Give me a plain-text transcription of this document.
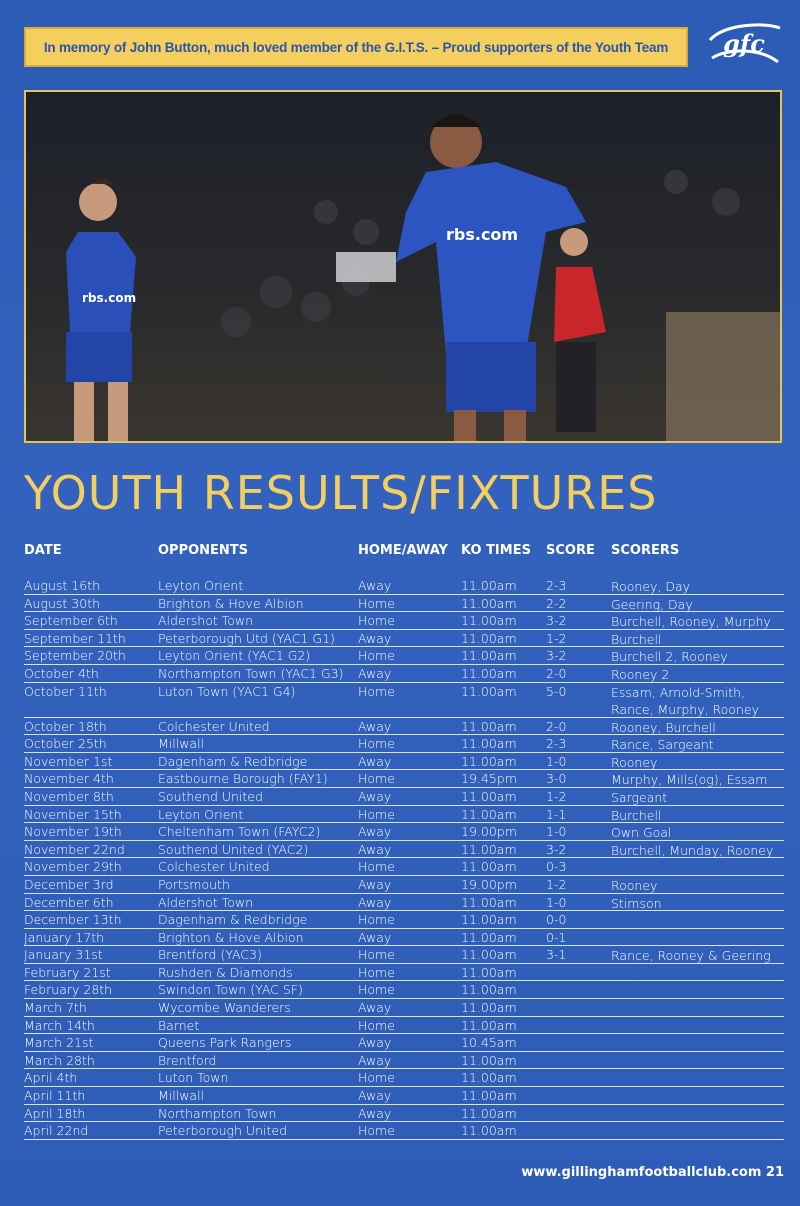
In memory of John Button, much loved member of the G.I.T.S. – Proud supporters of the Youth Team gfc
rbs.com
rbs.com
YOUTH RESULTS/FIXTURES
DATE	OPPONENTS	HOME/AWAY KO TIMES SCORE SCORERS
August 16th	Leyton Orient	Away	11.00am 2-3	Rooney, Day
August 30th	Brighton & Hove Albion	Home	11.00am 2-2	Geering, Day
September 6th	Aldershot Town	Home	11.00am 3-2	Burchell, Rooney, Murphy
September 11th	Peterborough Utd (YAC1 G1) Away	11.00am 1-2	Burchell
September 20th	Leyton Orient (YAC1 G2)	Home	11.00am 3-2	Burchell 2, Rooney
October 4th	Northampton Town (YAC1 G3) Away	11.00am 2-0	Rooney 2
October 11th	Luton Town (YAC1 G4)	Home	11.00am 5-0	Essam, Arnold-Smith, Rance, Murphy, Rooney
October 18th	Colchester United	Away	11.00am 2-0	Rooney, Burchell
October 25th	Millwall	Home	11.00am 2-3	Rance, Sargeant
November 1st	Dagenham & Redbridge	Away	11.00am 1-0	Rooney
November 4th	Eastbourne Borough (FAY1) Home	19.45pm 3-0	Murphy, Mills(og), Essam
November 8th	Southend United	Away	11.00am 1-2	Sargeant
November 15th	Leyton Orient	Home	11.00am 1-1	Burchell
November 19th	Cheltenham Town (FAYC2)	Away	19.00pm 1-0	Own Goal
November 22nd	Southend United (YAC2)	Away	11.00am 3-2	Burchell, Munday, Rooney
November 29th	Colchester United	Home	11.00am 0-3
December 3rd	Portsmouth	Away	19.00pm 1-2	Rooney
December 6th	Aldershot Town	Away	11.00am 1-0	Stimson
December 13th	Dagenham & Redbridge	Home	11.00am 0-0
January 17th	Brighton & Hove Albion	Away	11.00am 0-1
January 31st	Brentford (YAC3)	Home	11.00am 3-1	Rance, Rooney & Geering
February 21st	Rushden & Diamonds	Home	11.00am
February 28th	Swindon Town (YAC SF)	Home	11.00am
March 7th	Wycombe Wanderers	Away	11.00am
March 14th	Barnet	Home	11.00am
March 21st	Queens Park Rangers	Away	10.45am
March 28th	Brentford	Away	11.00am
April 4th	Luton Town	Home	11.00am
April 11th	Millwall	Away	11.00am
April 18th	Northampton Town	Away	11.00am
April 22nd	Peterborough United	Home	11.00am
www.gillinghamfootballclub.com 21
